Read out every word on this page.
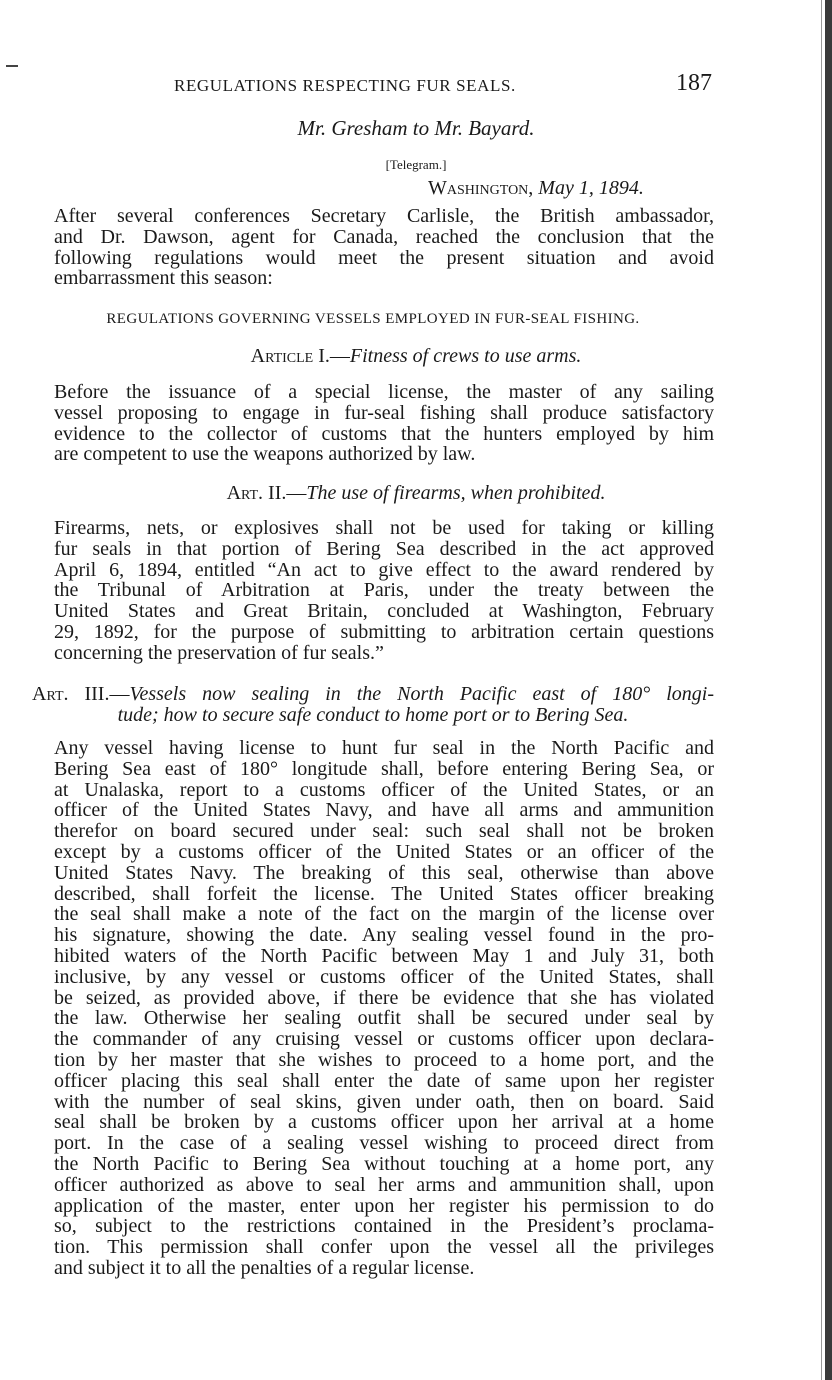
REGULATIONS RESPECTING FUR SEALS.	187
Mr. Gresham to Mr. Bayard.
[Telegram.]
Washington, May 1, 1894.

After several conferences Secretary Carlisle, the British ambassador,
and Dr. Dawson, agent for Canada, reached the conclusion that the
following regulations would meet the present situation and avoid
embarrassment this season:

REGULATIONS GOVERNING VESSELS EMPLOYED IN FUR-SEAL FISHING.
Article I.—Fitness of crews to use arms.

Before the issuance of a special license, the master of any sailing
vessel proposing to engage in fur-seal fishing shall produce satisfactory
evidence to the collector of customs that the hunters employed by him
are competent to use the weapons authorized by law.

Art. II.—The use of firearms, when prohibited.

Firearms, nets, or explosives shall not be used for taking or killing
fur seals in that portion of Bering Sea described in the act approved
April 6, 1894, entitled “An act to give effect to the award rendered by
the Tribunal of Arbitration at Paris, under the treaty between the
United States and Great Britain, concluded at Washington, February
29, 1892, for the purpose of submitting to arbitration certain questions
concerning the preservation of fur seals.”

Art. III.—Vessels now sealing in the North Pacific east of 180° longi-
tude; how to secure safe conduct to home port or to Bering Sea.

Any vessel having license to hunt fur seal in the North Pacific and
Bering Sea east of 180° longitude shall, before entering Bering Sea, or
at Unalaska, report to a customs officer of the United States, or an
officer of the United States Navy, and have all arms and ammunition
therefor on board secured under seal: such seal shall not be broken
except by a customs officer of the United States or an officer of the
United States Navy. The breaking of this seal, otherwise than above
described, shall forfeit the license. The United States officer breaking
the seal shall make a note of the fact on the margin of the license over
his signature, showing the date. Any sealing vessel found in the pro-
hibited waters of the North Pacific between May 1 and July 31, both
inclusive, by any vessel or customs officer of the United States, shall
be seized, as provided above, if there be evidence that she has violated
the law. Otherwise her sealing outfit shall be secured under seal by
the commander of any cruising vessel or customs officer upon declara-
tion by her master that she wishes to proceed to a home port, and the
officer placing this seal shall enter the date of same upon her register
with the number of seal skins, given under oath, then on board. Said
seal shall be broken by a customs officer upon her arrival at a home
port. In the case of a sealing vessel wishing to proceed direct from
the North Pacific to Bering Sea without touching at a home port, any
officer authorized as above to seal her arms and ammunition shall, upon
application of the master, enter upon her register his permission to do
so, subject to the restrictions contained in the President’s proclama-
tion. This permission shall confer upon the vessel all the privileges
and subject it to all the penalties of a regular license.
